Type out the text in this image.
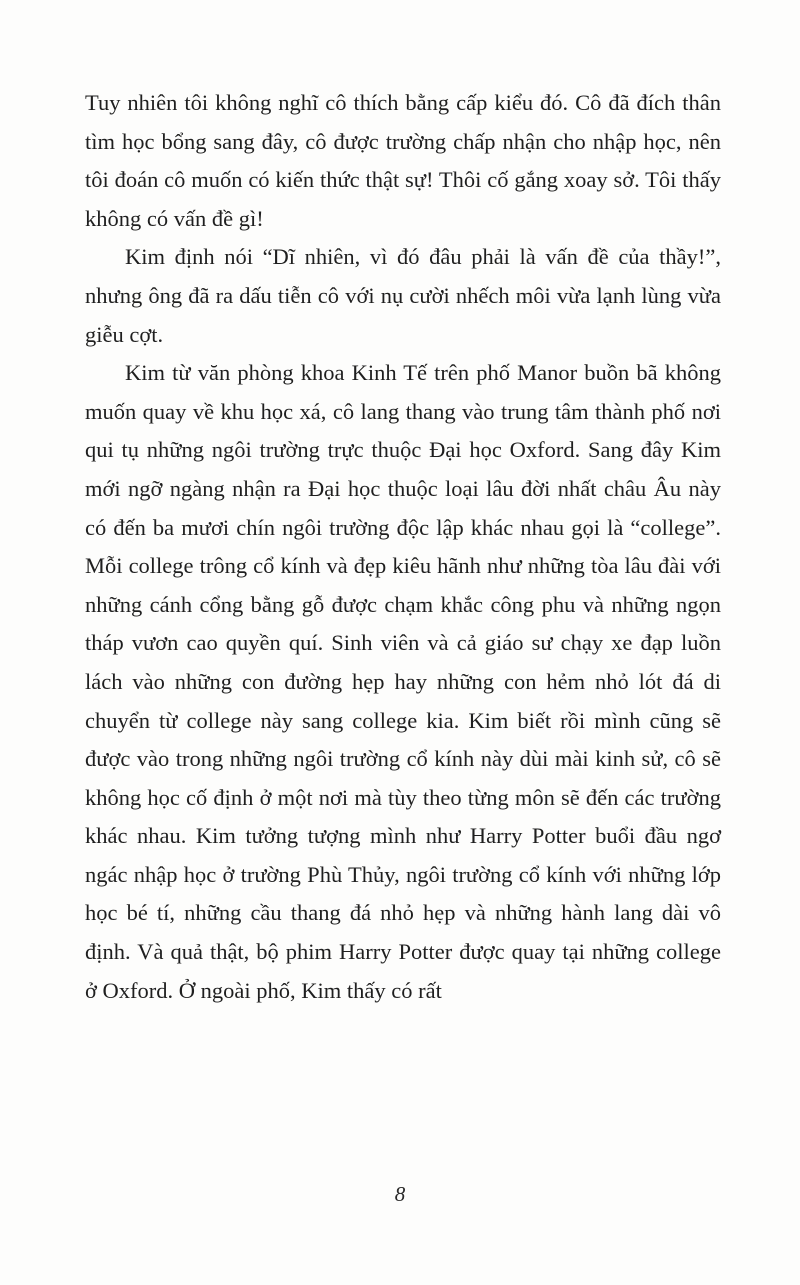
Tuy nhiên tôi không nghĩ cô thích bằng cấp kiểu đó. Cô đã đích thân tìm học bổng sang đây, cô được trường chấp nhận cho nhập học, nên tôi đoán cô muốn có kiến thức thật sự! Thôi cố gắng xoay sở. Tôi thấy không có vấn đề gì!

Kim định nói “Dĩ nhiên, vì đó đâu phải là vấn đề của thầy!”, nhưng ông đã ra dấu tiễn cô với nụ cười nhếch môi vừa lạnh lùng vừa giễu cợt.

Kim từ văn phòng khoa Kinh Tế trên phố Manor buồn bã không muốn quay về khu học xá, cô lang thang vào trung tâm thành phố nơi qui tụ những ngôi trường trực thuộc Đại học Oxford. Sang đây Kim mới ngỡ ngàng nhận ra Đại học thuộc loại lâu đời nhất châu Âu này có đến ba mươi chín ngôi trường độc lập khác nhau gọi là “college”. Mỗi college trông cổ kính và đẹp kiêu hãnh như những tòa lâu đài với những cánh cổng bằng gỗ được chạm khắc công phu và những ngọn tháp vươn cao quyền quí. Sinh viên và cả giáo sư chạy xe đạp luồn lách vào những con đường hẹp hay những con hẻm nhỏ lót đá di chuyển từ college này sang college kia. Kim biết rồi mình cũng sẽ được vào trong những ngôi trường cổ kính này dùi mài kinh sử, cô sẽ không học cố định ở một nơi mà tùy theo từng môn sẽ đến các trường khác nhau. Kim tưởng tượng mình như Harry Potter buổi đầu ngơ ngác nhập học ở trường Phù Thủy, ngôi trường cổ kính với những lớp học bé tí, những cầu thang đá nhỏ hẹp và những hành lang dài vô định. Và quả thật, bộ phim Harry Potter được quay tại những college ở Oxford. Ở ngoài phố, Kim thấy có rất

8
